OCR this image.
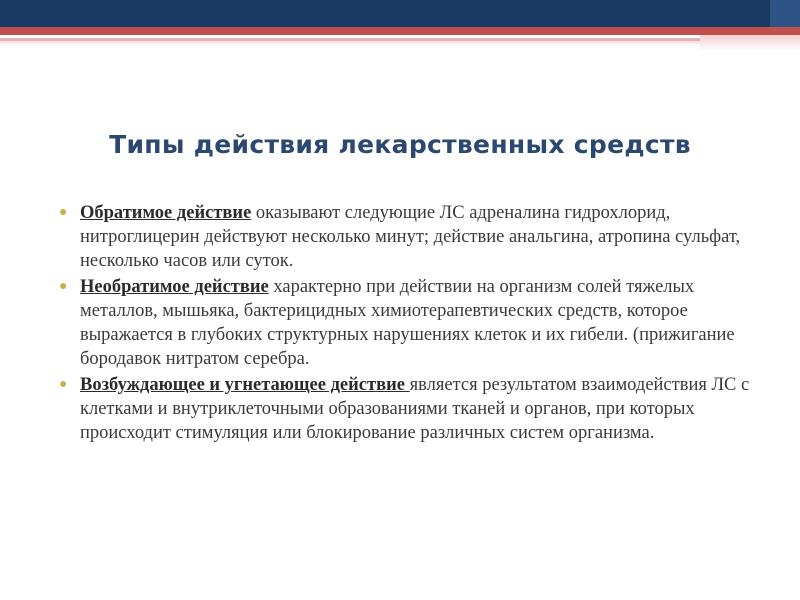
Типы действия лекарственных средств
● Обратимое действие оказывают следующие ЛС адреналина гидрохлорид, нитроглицерин действуют несколько минут; действие анальгина, атропина сульфат, несколько часов или суток.
● Необратимое действие характерно при действии на организм солей тяжелых металлов, мышьяка, бактерицидных химиотерапевтических средств, которое выражается в глубоких структурных нарушениях клеток и их гибели. (прижигание бородавок нитратом серебра.
● Возбуждающее и угнетающее действие является результатом взаимодействия ЛС с клетками и внутриклеточными образованиями тканей и органов, при которых происходит стимуляция или блокирование различных систем организма.
